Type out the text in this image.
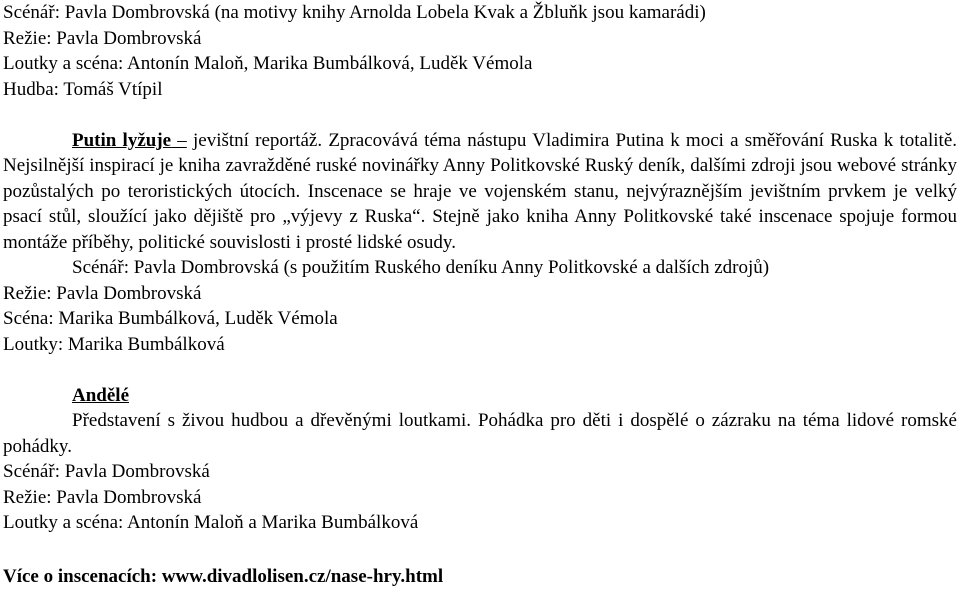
Scénář: Pavla Dombrovská (na motivy knihy Arnolda Lobela Kvak a Žbluňk jsou kamarádi)
Režie: Pavla Dombrovská
Loutky a scéna: Antonín Maloň, Marika Bumbálková, Luděk Vémola
Hudba: Tomáš Vtípil

Putin lyžuje – jevištní reportáž. Zpracovává téma nástupu Vladimira Putina k moci a směřování Ruska k totalitě. Nejsilnější inspirací je kniha zavražděné ruské novinářky Anny Politkovské Ruský deník, dalšími zdroji jsou webové stránky pozůstalých po teroristických útocích. Inscenace se hraje ve vojenském stanu, nejvýraznějším jevištním prvkem je velký psací stůl, sloužící jako dějiště pro „výjevy z Ruska“. Stejně jako kniha Anny Politkovské také inscenace spojuje formou montáže příběhy, politické souvislosti i prosté lidské osudy.

Scénář: Pavla Dombrovská (s použitím Ruského deníku Anny Politkovské a dalších zdrojů)
Režie: Pavla Dombrovská
Scéna: Marika Bumbálková, Luděk Vémola
Loutky: Marika Bumbálková
Andělé

Představení s živou hudbou a dřevěnými loutkami. Pohádka pro děti i dospělé o zázraku na téma lidové romské pohádky.

Scénář: Pavla Dombrovská
Režie: Pavla Dombrovská
Loutky a scéna: Antonín Maloň a Marika Bumbálková
Více o inscenacích: www.divadlolisen.cz/nase-hry.html
